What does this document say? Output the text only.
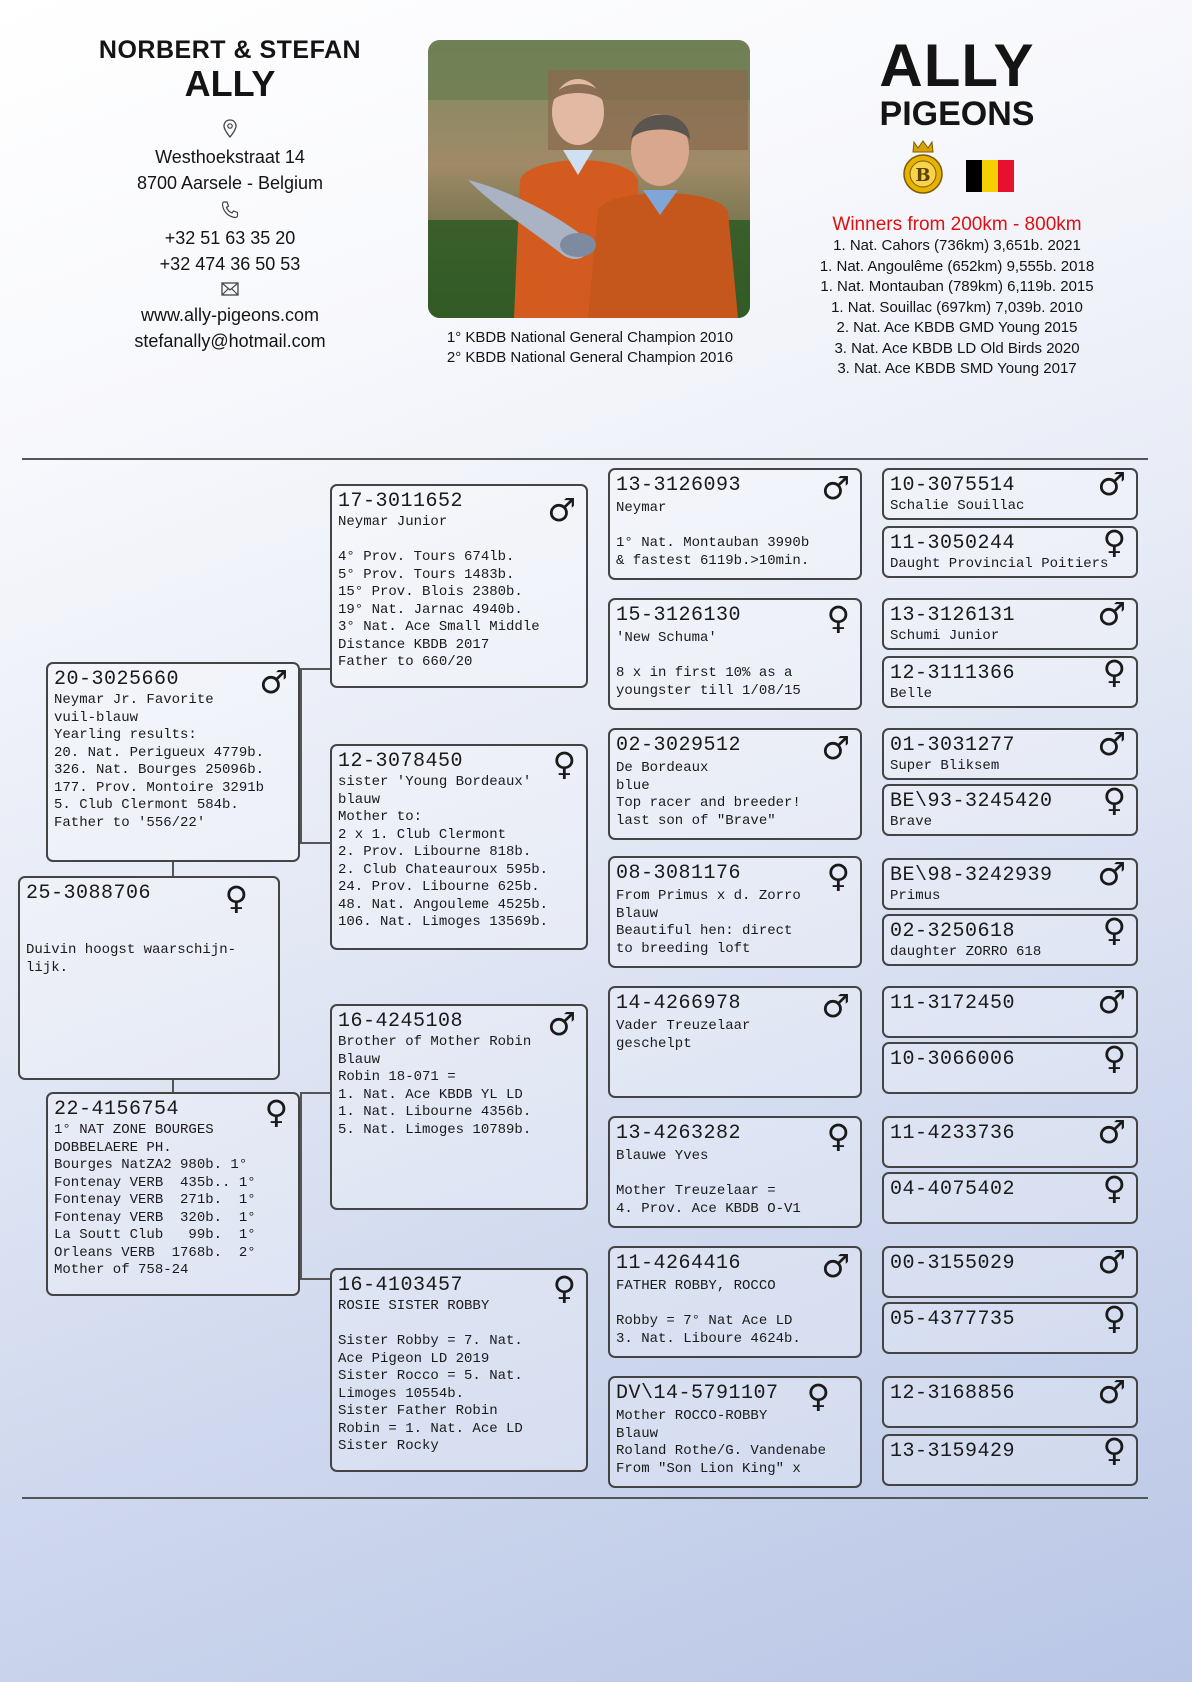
NORBERT & STEFAN
ALLY
Westhoekstraat 14
8700 Aarsele - Belgium
+32 51 63 35 20
+32 474 36 50 53
www.ally-pigeons.com
stefanally@hotmail.com	1° KBDB National General Champion 2010
2° KBDB National General Champion 2016
ALLY
PIGEONS
B
Winners from 200km - 800km
1. Nat. Cahors (736km) 3,651b. 2021
1. Nat. Angoulême (652km) 9,555b. 2018
1. Nat. Montauban (789km) 6,119b. 2015
1. Nat. Souillac (697km) 7,039b. 2010
2. Nat. Ace KBDB GMD Young 2015
3. Nat. Ace KBDB LD Old Birds 2020
3. Nat. Ace KBDB SMD Young 2017
25-3088706 ♀
Duivin hoogst waarschijn-
lijk.
20-3025660	♂
Neymar Jr. Favorite
vuil-blauw
Yearling results:
20. Nat. Perigueux 4779b.
326. Nat. Bourges 25096b.
177. Prov. Montoire 3291b
5. Club Clermont 584b.
Father to '556/22'
22-4156754	♀
1° NAT ZONE BOURGES
DOBBELAERE PH.
Bourges NatZA2 980b. 1°
Fontenay VERB  435b.. 1°
Fontenay VERB  271b.  1°
Fontenay VERB  320b.  1°
La Soutt Club   99b.  1°
Orleans VERB  1768b.  2°
Mother of 758-24
17-3011652	♂
Neymar Junior

4° Prov. Tours 674lb.
5° Prov. Tours 1483b.
15° Prov. Blois 2380b.
19° Nat. Jarnac 4940b.
3° Nat. Ace Small Middle
Distance KBDB 2017
Father to 660/20
12-3078450	♀
sister 'Young Bordeaux'
blauw
Mother to:
2 x 1. Club Clermont
2. Prov. Libourne 818b.
2. Club Chateauroux 595b.
24. Prov. Libourne 625b.
48. Nat. Angouleme 4525b.
106. Nat. Limoges 13569b.
16-4245108	♂
Brother of Mother Robin
Blauw
Robin 18-071 =
1. Nat. Ace KBDB YL LD
1. Nat. Libourne 4356b.
5. Nat. Limoges 10789b.
16-4103457	♀
ROSIE SISTER ROBBY

Sister Robby = 7. Nat.
Ace Pigeon LD 2019
Sister Rocco = 5. Nat.
Limoges 10554b.
Sister Father Robin
Robin = 1. Nat. Ace LD
Sister Rocky
13-3126093	♂
Neymar

1° Nat. Montauban 3990b
& fastest 6119b.>10min.
15-3126130	♀
'New Schuma'

8 x in first 10% as a
youngster till 1/08/15
02-3029512	♂
De Bordeaux
blue
Top racer and breeder!
last son of "Brave"
08-3081176	♀
From Primus x d. Zorro
Blauw
Beautiful hen: direct
to breeding loft
14-4266978	♂
Vader Treuzelaar
geschelpt
13-4263282	♀
Blauwe Yves

Mother Treuzelaar =
4. Prov. Ace KBDB O-V1
11-4264416	♂
FATHER ROBBY, ROCCO

Robby = 7° Nat Ace LD
3. Nat. Liboure 4624b.
DV\14-5791107 ♀
Mother ROCCO-ROBBY
Blauw
Roland Rothe/G. Vandenabe
From "Son Lion King" x
10-3075514	♂
Schalie Souillac
11-3050244	♀
Daught Provincial Poitiers
13-3126131	♂
Schumi Junior
12-3111366	♀
Belle
01-3031277	♂
Super Bliksem
BE\93-3245420 ♀
Brave
BE\98-3242939 ♂
Primus
02-3250618	♀
daughter ZORRO 618
11-3172450	♂
10-3066006	♀
11-4233736	♂
04-4075402	♀
00-3155029	♂
05-4377735	♀
12-3168856	♂
13-3159429	♀
